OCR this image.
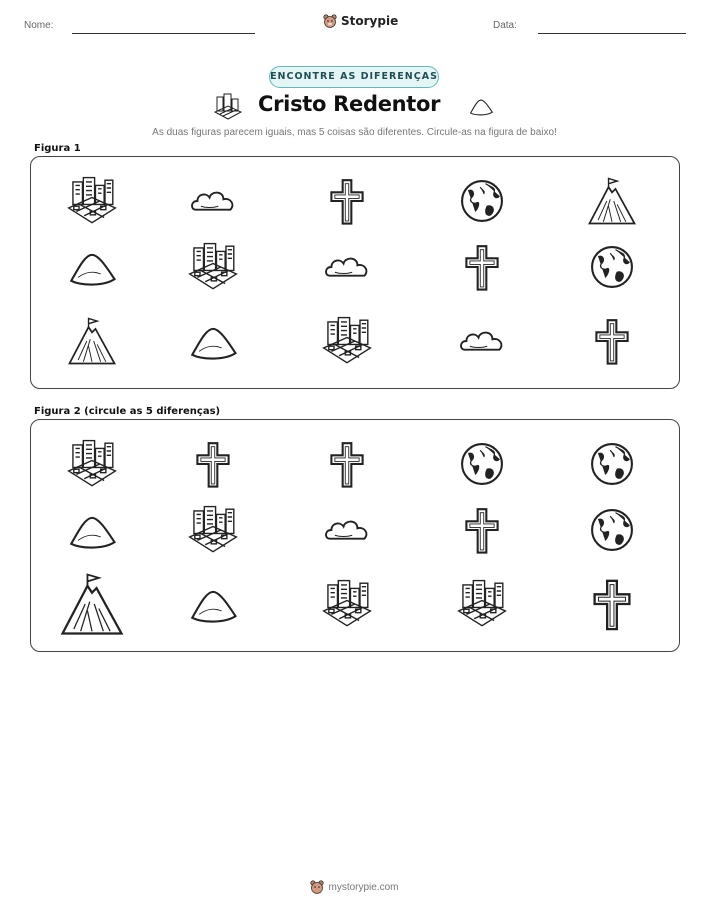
Nome:	Storypie	Data:
ENCONTRE AS DIFERENÇAS
Cristo Redentor
As duas figuras parecem iguais, mas 5 coisas são diferentes. Circule-as na figura de baixo!
Figura 1
Figura 2 (circule as 5 diferenças)
mystorypie.com
